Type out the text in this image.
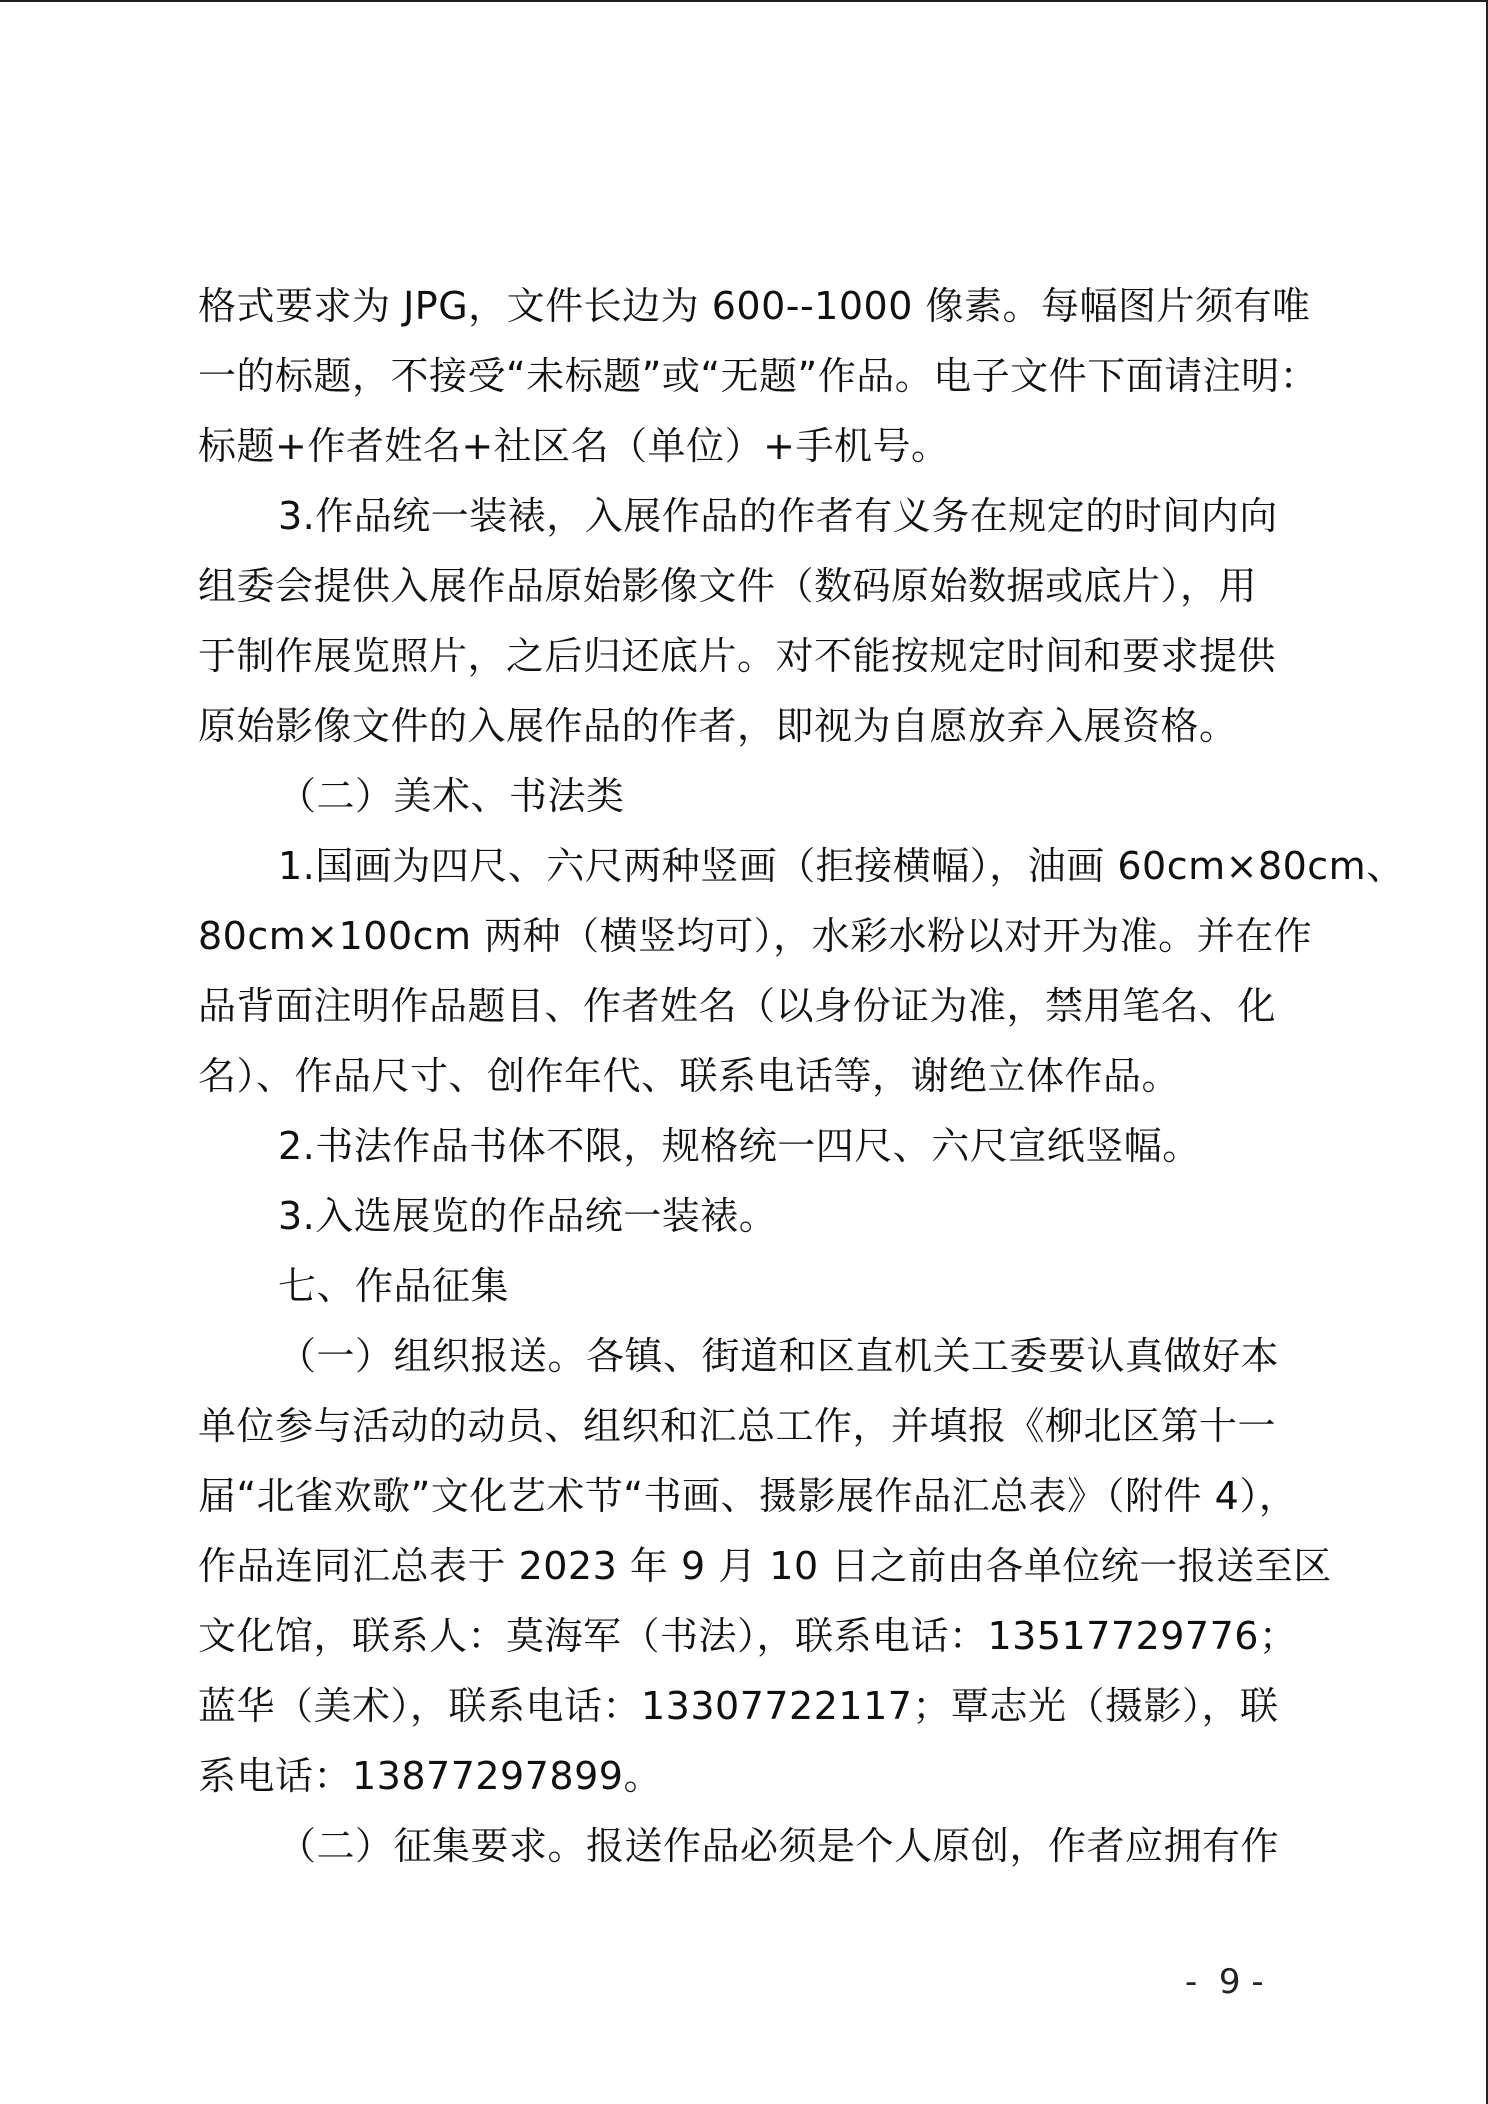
格式要求为 JPG，文件长边为 600--1000 像素。每幅图片须有唯
一的标题，不接受“未标题”或“无题”作品。电子文件下面请注明：
标题+作者姓名+社区名（单位）+手机号。
3.作品统一装裱，入展作品的作者有义务在规定的时间内向
组委会提供入展作品原始影像文件（数码原始数据或底片），用
于制作展览照片，之后归还底片。对不能按规定时间和要求提供
原始影像文件的入展作品的作者，即视为自愿放弃入展资格。
（二）美术、书法类
1.国画为四尺、六尺两种竖画（拒接横幅），油画 60cm×80cm、
80cm×100cm 两种（横竖均可），水彩水粉以对开为准。并在作
品背面注明作品题目、作者姓名（以身份证为准，禁用笔名、化
名）、作品尺寸、创作年代、联系电话等，谢绝立体作品。
2.书法作品书体不限，规格统一四尺、六尺宣纸竖幅。
3.入选展览的作品统一装裱。
七、作品征集
（一）组织报送。各镇、街道和区直机关工委要认真做好本
单位参与活动的动员、组织和汇总工作，并填报《柳北区第十一
届“北雀欢歌”文化艺术节“书画、摄影展作品汇总表》（附件 4），
作品连同汇总表于 2023 年 9 月 10 日之前由各单位统一报送至区
文化馆，联系人：莫海军（书法），联系电话：13517729776；
蓝华（美术），联系电话：13307722117；覃志光（摄影），联
系电话：13877297899。
（二）征集要求。报送作品必须是个人原创，作者应拥有作
-  9 -
